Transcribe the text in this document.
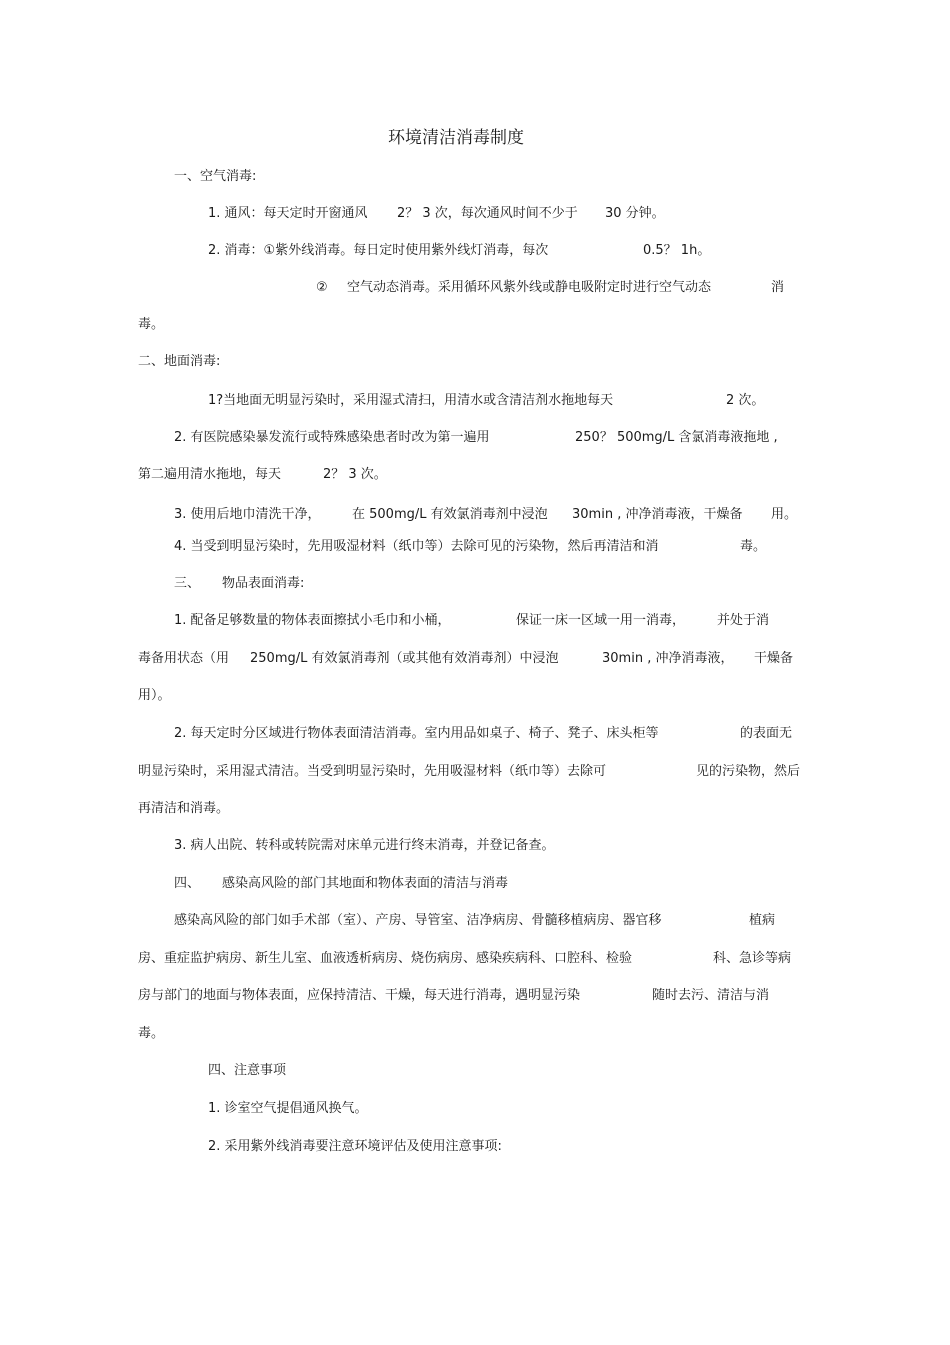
环境清洁消毒制度
一、空气消毒:
1. 通风：每天定时开窗通风 2？ 3 次，每次通风时间不少于 30 分钟。
2. 消毒：①紫外线消毒。每日定时使用紫外线灯消毒，每次	0.5？ 1h。
② 空气动态消毒。采用循环风紫外线或静电吸附定时进行空气动态	消
毒。
二、地面消毒:
1?当地面无明显污染时，采用湿式清扫，用清水或含清洁剂水拖地每天	2 次。
2. 有医院感染暴发流行或特殊感染患者时改为第一遍用	250？ 500mg/L 含氯消毒液拖地 ,
第二遍用清水拖地，每天	2？ 3 次。
3. 使用后地巾清洗干净， 在 500mg/L 有效氯消毒剂中浸泡 30min , 冲净消毒液，干燥备 用。
4. 当受到明显污染时，先用吸湿材料（纸巾等）去除可见的污染物，然后再清洁和消	毒。
三、 物品表面消毒:
1. 配备足够数量的物体表面擦拭小毛巾和小桶，	保证一床一区域一用一消毒， 并处于消
毒备用状态（用 250mg/L 有效氯消毒剂（或其他有效消毒剂）中浸泡	30min , 冲净消毒液， 干燥备
用）。
2. 每天定时分区域进行物体表面清洁消毒。室内用品如桌子、椅子、凳子、床头柜等	的表面无
明显污染时，采用湿式清洁。当受到明显污染时，先用吸湿材料（纸巾等）去除可	见的污染物，然后
再清洁和消毒。
3. 病人出院、转科或转院需对床单元进行终末消毒，并登记备查。
四、 感染高风险的部门其地面和物体表面的清洁与消毒
感染高风险的部门如手术部（室）、产房、导管室、洁净病房、骨髓移植病房、器官移	植病
房、重症监护病房、新生儿室、血液透析病房、烧伤病房、感染疾病科、口腔科、检验	科、急诊等病
房与部门的地面与物体表面，应保持清洁、干燥，每天进行消毒，遇明显污染	随时去污、清洁与消
毒。
四、注意事项
1. 诊室空气提倡通风换气。
2. 采用紫外线消毒要注意环境评估及使用注意事项:
